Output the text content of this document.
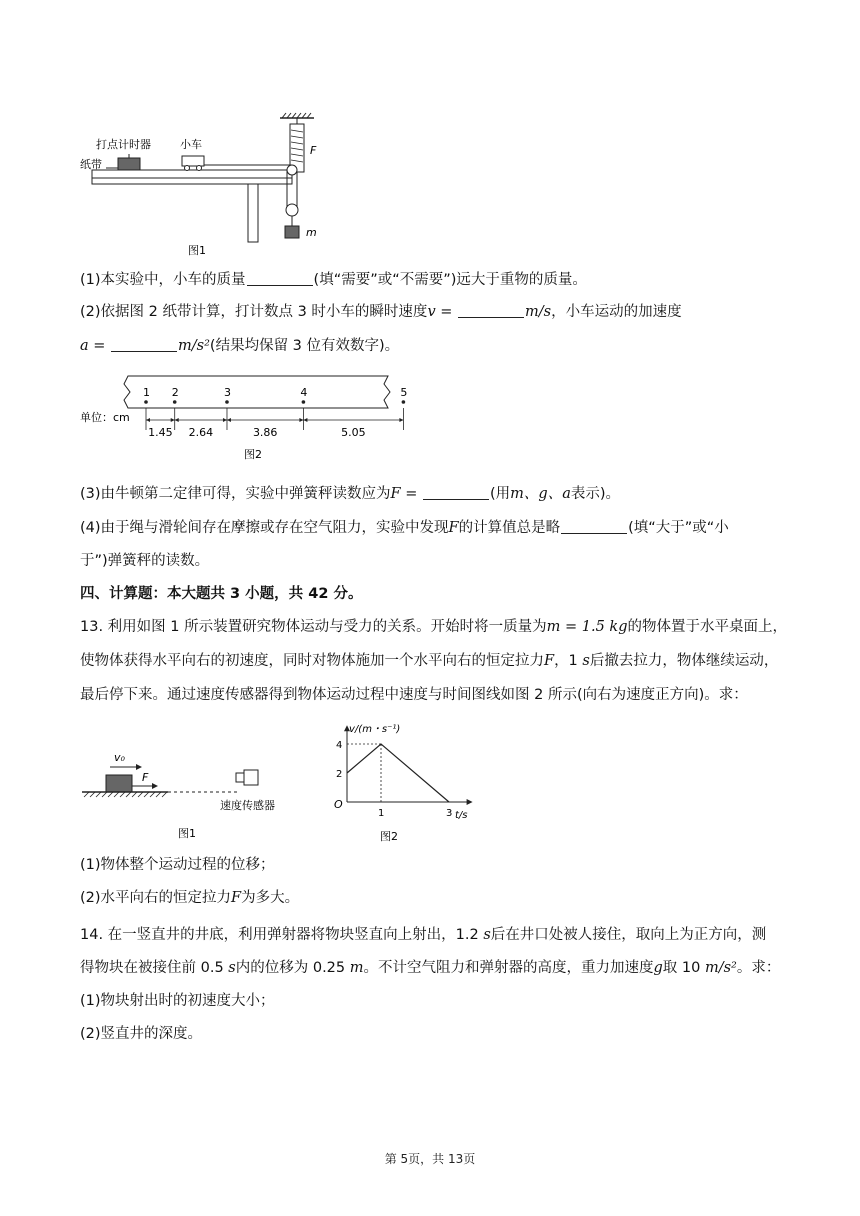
F
m
打点计时器
纸带
小车
图1
(1)本实验中，小车的质量	(填“需要”或“不需要”)远大于重物的质量。
(2)依据图 2 纸带计算，打计数点 3 时小车的瞬时速度v =	m/s，小车运动的加速度
a =	m/s²(结果均保留 3 位有效数字)。
1 2	3	4	5
1.45 2.64	3.86	5.05
单位：cm
图2
(3)由牛顿第二定律可得，实验中弹簧秤读数应为F =	(用m、g、a表示)。
(4)由于绳与滑轮间存在摩擦或存在空气阻力，实验中发现F的计算值总是略	(填“大于”或“小
于”)弹簧秤的读数。
四、计算题：本大题共 3 小题，共 42 分。
13. 利用如图 1 所示装置研究物体运动与受力的关系。开始时将一质量为m = 1.5 kg的物体置于水平桌面上，
使物体获得水平向右的初速度，同时对物体施加一个水平向右的恒定拉力F，1 s后撤去拉力，物体继续运动，
最后停下来。通过速度传感器得到物体运动过程中速度与时间图线如图 2 所示(向右为速度正方向)。求：
v₀
F
速度传感器
图1
1	3
2
4
v/(m・s⁻¹)
t/s
O
图2
(1)物体整个运动过程的位移；
(2)水平向右的恒定拉力F为多大。
14. 在一竖直井的井底，利用弹射器将物块竖直向上射出，1.2 s后在井口处被人接住，取向上为正方向，测
得物块在被接住前 0.5 s内的位移为 0.25 m。不计空气阻力和弹射器的高度，重力加速度g取 10 m/s²。求：
(1)物块射出时的初速度大小；
(2)竖直井的深度。
第 5页，共 13页
